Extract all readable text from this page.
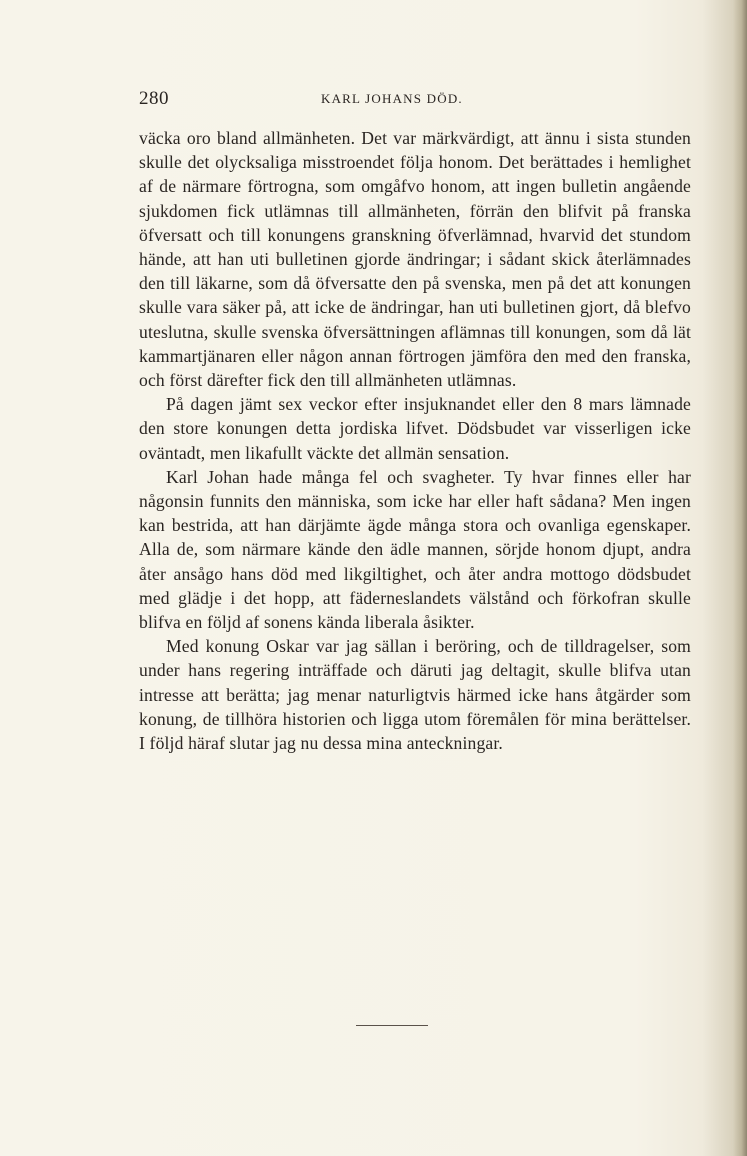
280	KARL JOHANS DÖD.

väcka oro bland allmänheten. Det var märkvärdigt, att ännu i sista stunden skulle det olycksaliga misstroendet följa honom. Det berättades i hemlighet af de närmare förtrogna, som omgåfvo honom, att ingen bulletin angående sjukdomen fick utlämnas till allmänheten, förrän den blifvit på franska öfversatt och till konungens granskning öfverlämnad, hvarvid det stundom hände, att han uti bulletinen gjorde ändringar; i sådant skick återlämnades den till läkarne, som då öfversatte den på svenska, men på det att konungen skulle vara säker på, att icke de ändringar, han uti bulletinen gjort, då blefvo uteslutna, skulle svenska öfversättningen aflämnas till konungen, som då lät kammartjänaren eller någon annan förtrogen jämföra den med den franska, och först därefter fick den till allmänheten utlämnas.

På dagen jämt sex veckor efter insjuknandet eller den 8 mars lämnade den store konungen detta jordiska lifvet. Dödsbudet var visserligen icke oväntadt, men likafullt väckte det allmän sensation.

Karl Johan hade många fel och svagheter. Ty hvar finnes eller har någonsin funnits den människa, som icke har eller haft sådana? Men ingen kan bestrida, att han därjämte ägde många stora och ovanliga egenskaper. Alla de, som närmare kände den ädle mannen, sörjde honom djupt, andra åter ansågo hans död med likgiltighet, och åter andra mottogo dödsbudet med glädje i det hopp, att fäderneslandets välstånd och förkofran skulle blifva en följd af sonens kända liberala åsikter.

Med konung Oskar var jag sällan i beröring, och de tilldragelser, som under hans regering inträffade och däruti jag deltagit, skulle blifva utan intresse att berätta; jag menar naturligtvis härmed icke hans åtgärder som konung, de tillhöra historien och ligga utom föremålen för mina berättelser. I följd häraf slutar jag nu dessa mina anteckningar.
